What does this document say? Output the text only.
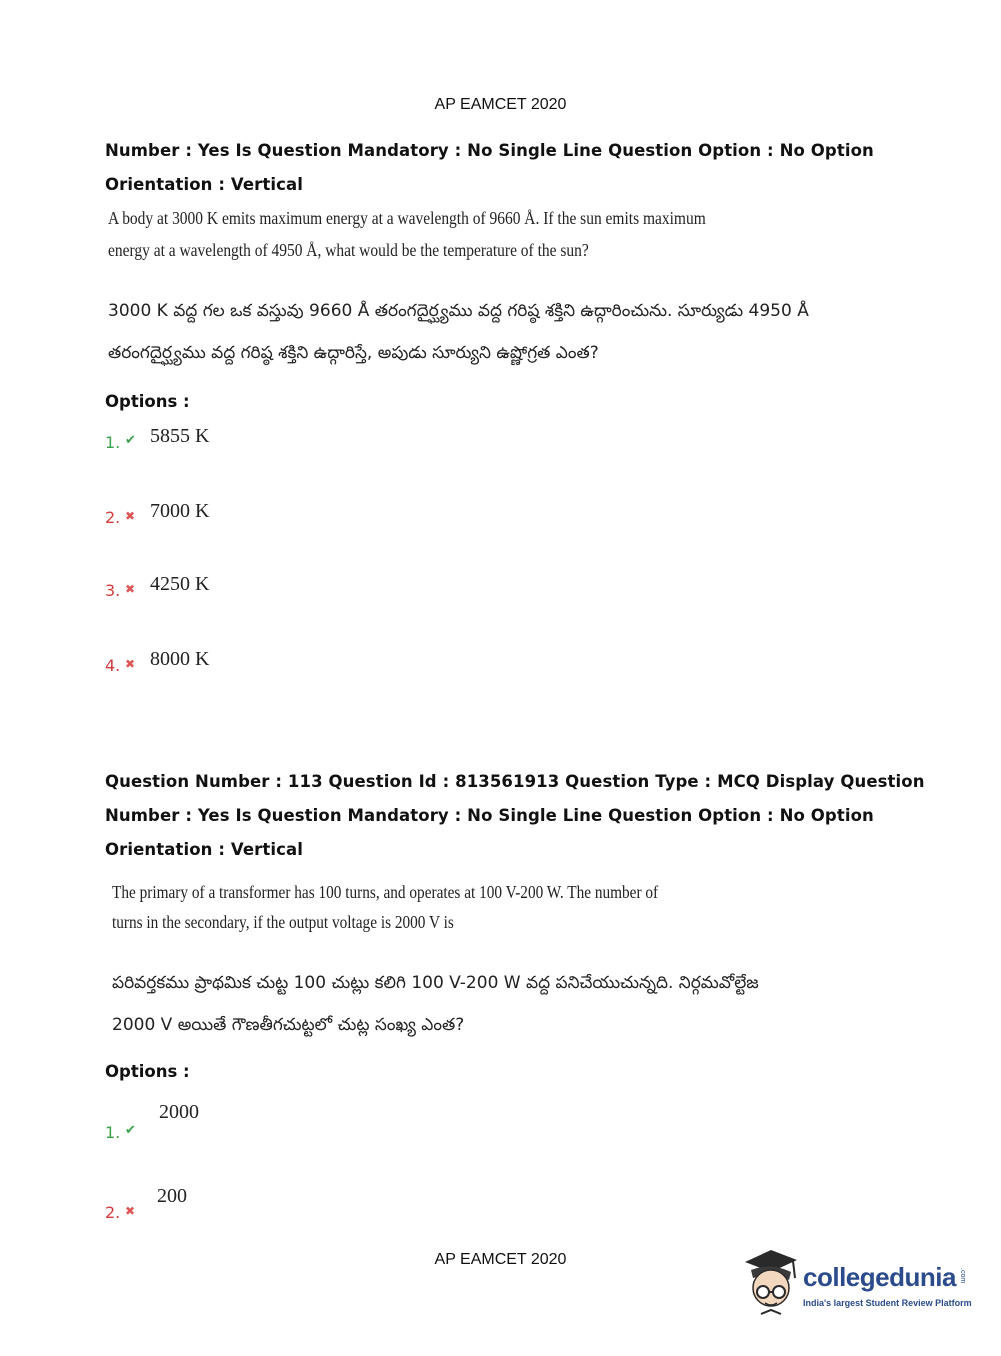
AP EAMCET 2020
Number : Yes Is Question Mandatory : No Single Line Question Option : No Option
Orientation : Vertical
A body at 3000 K emits maximum energy at a wavelength of 9660 Å. If the sun emits maximum
energy at a wavelength of 4950 Å, what would be the temperature of the sun?
3000 K వద్ద గల ఒక వస్తువు 9660 Å తరంగదైర్ఘ్యము వద్ద గరిష్ఠ శక్తిని ఉద్గారించును. సూర్యుడు 4950 Å
తరంగదైర్ఘ్యము వద్ద గరిష్ఠ శక్తిని ఉద్గారిస్తే, అపుడు సూర్యుని ఉష్ణోగ్రత ఎంత?
Options :
1. ✔ 5855 K
2. ✖ 7000 K
3. ✖ 4250 K
4. ✖ 8000 K
Question Number : 113 Question Id : 813561913 Question Type : MCQ Display Question
Number : Yes Is Question Mandatory : No Single Line Question Option : No Option
Orientation : Vertical
The primary of a transformer has 100 turns, and operates at 100 V-200 W. The number of
turns in the secondary, if the output voltage is 2000 V is
పరివర్తకము ప్రాథమిక చుట్ట 100 చుట్లు కలిగి 100 V-200 W వద్ద పనిచేయుచున్నది. నిర్గమవోల్టేజ
2000 V అయితే గౌణతీగచుట్టలో చుట్ల సంఖ్య ఎంత?
Options :
1. ✔
2000
2. ✖
200
AP EAMCET 2020
collegedunia .com
India's largest Student Review Platform
